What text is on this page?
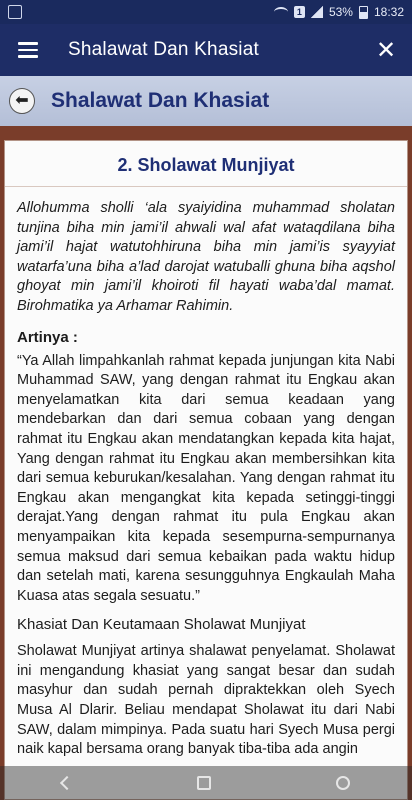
1 53% 18:32
Shalawat Dan Khasiat	✕
⬅ Shalawat Dan Khasiat
2. Sholawat Munjiyat

Allohumma sholli ‘ala syaiyidina muhammad sholatan tunjina biha min jami’il ahwali wal afat wataqdilana biha jami’il hajat watutohhiruna biha min jami’is syayyiat watarfa’una biha a’lad darojat watuballi ghuna biha aqshol ghoyat min jami’il khoiroti fil hayati waba’dal mamat. Birohmatika ya Arhamar Rahimin.

Artinya :

“Ya Allah limpahkanlah rahmat kepada junjungan kita Nabi Muhammad SAW, yang dengan rahmat itu Engkau akan menyelamatkan kita dari semua keadaan yang mendebarkan dan dari semua cobaan yang dengan rahmat itu Engkau akan mendatangkan kepada kita hajat, Yang dengan rahmat itu Engkau akan membersihkan kita dari semua keburukan/kesalahan. Yang dengan rahmat itu Engkau akan mengangkat kita kepada setinggi-tinggi derajat.Yang dengan rahmat itu pula Engkau akan menyampaikan kita kepada sesempurna-sempurnanya semua maksud dari semua kebaikan pada waktu hidup dan setelah mati, karena sesungguhnya Engkaulah Maha Kuasa atas segala sesuatu.”

Khasiat Dan Keutamaan Sholawat Munjiyat

Sholawat Munjiyat artinya shalawat penyelamat. Sholawat ini mengandung khasiat yang sangat besar dan sudah masyhur dan sudah pernah dipraktekkan oleh Syech Musa Al Dlarir. Beliau mendapat Sholawat itu dari Nabi SAW, dalam mimpinya. Pada suatu hari Syech Musa pergi naik kapal bersama orang banyak tiba-tiba ada angin
